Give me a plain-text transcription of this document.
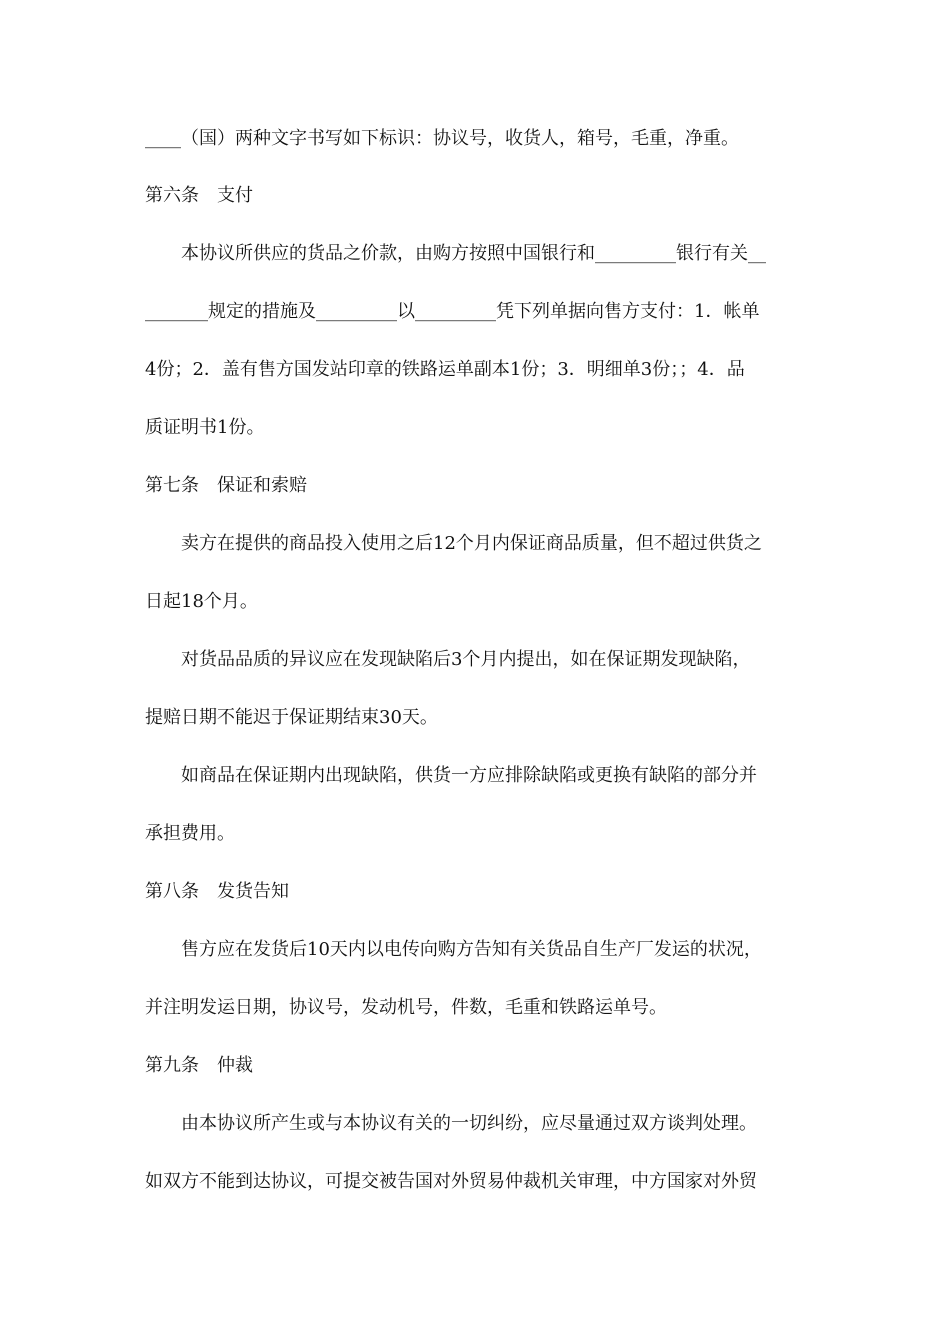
____（国）两种文字书写如下标识：协议号，收货人，箱号，毛重，净重。
第六条　支付
本协议所供应的货品之价款，由购方按照中国银行和_________银行有关__
_______规定的措施及_________以_________凭下列单据向售方支付：1．帐单
4份；2．盖有售方国发站印章的铁路运单副本1份；3．明细单3份；；4．品
质证明书1份。
第七条　保证和索赔
卖方在提供的商品投入使用之后12个月内保证商品质量，但不超过供货之
日起18个月。
对货品品质的异议应在发现缺陷后3个月内提出，如在保证期发现缺陷，
提赔日期不能迟于保证期结束30天。
如商品在保证期内出现缺陷，供货一方应排除缺陷或更换有缺陷的部分并
承担费用。
第八条　发货告知
售方应在发货后10天内以电传向购方告知有关货品自生产厂发运的状况，
并注明发运日期，协议号，发动机号，件数，毛重和铁路运单号。
第九条　仲裁
由本协议所产生或与本协议有关的一切纠纷，应尽量通过双方谈判处理。
如双方不能到达协议，可提交被告国对外贸易仲裁机关审理，中方国家对外贸
